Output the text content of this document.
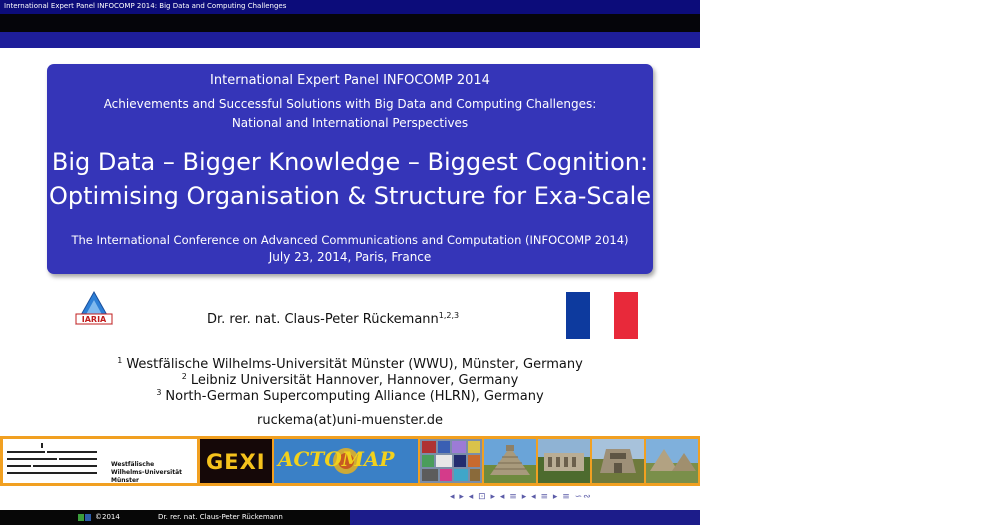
International Expert Panel INFOCOMP 2014: Big Data and Computing Challenges
International Expert Panel INFOCOMP 2014
Achievements and Successful Solutions with Big Data and Computing Challenges:
National and International Perspectives
Big Data – Bigger Knowledge – Biggest Cognition:
Optimising Organisation & Structure for Exa-Scale
The International Conference on Advanced Communications and Computation (INFOCOMP 2014)
July 23, 2014, Paris, France
IARIA	Dr. rer. nat. Claus-Peter Rückemann$^{1,2,3}$
$^1$ Westfälische Wilhelms-Universität Münster (WWU), Münster, Germany
$^2$ Leibniz Universität Hannover, Hannover, Germany
$^3$ North-German Supercomputing Alliance (HLRN), Germany
ruckema(at)uni-muenster.de
Westfälische
Wilhelms-Universität
Münster
GEXI ACTOMAP
◂ ▸ ◂ ⊡ ▸ ◂ ≡ ▸ ◂ ≡ ▸ ≡ ∽∾
©2014	Dr. rer. nat. Claus-Peter Rückemann	International Expert Panel INFOCOMP 2014: Big Data and Computing Challe
